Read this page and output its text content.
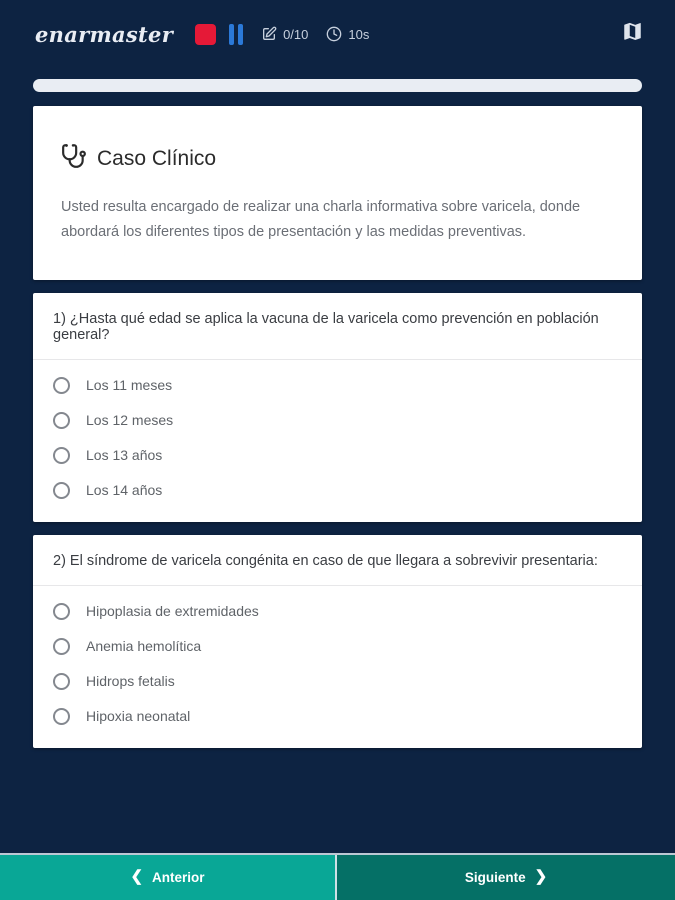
enarmaster	0/10	10s
Caso Clínico
Usted resulta encargado de realizar una charla informativa sobre varicela, donde abordará los diferentes tipos de presentación y las medidas preventivas.
1) ¿Hasta qué edad se aplica la vacuna de la varicela como prevención en población general?
Los 11 meses
Los 12 meses
Los 13 años
Los 14 años
2) El síndrome de varicela congénita en caso de que llegara a sobrevivir presentaria:
Hipoplasia de extremidades
Anemia hemolítica
Hidrops fetalis
Hipoxia neonatal
❮ Anterior	Siguiente ❯
